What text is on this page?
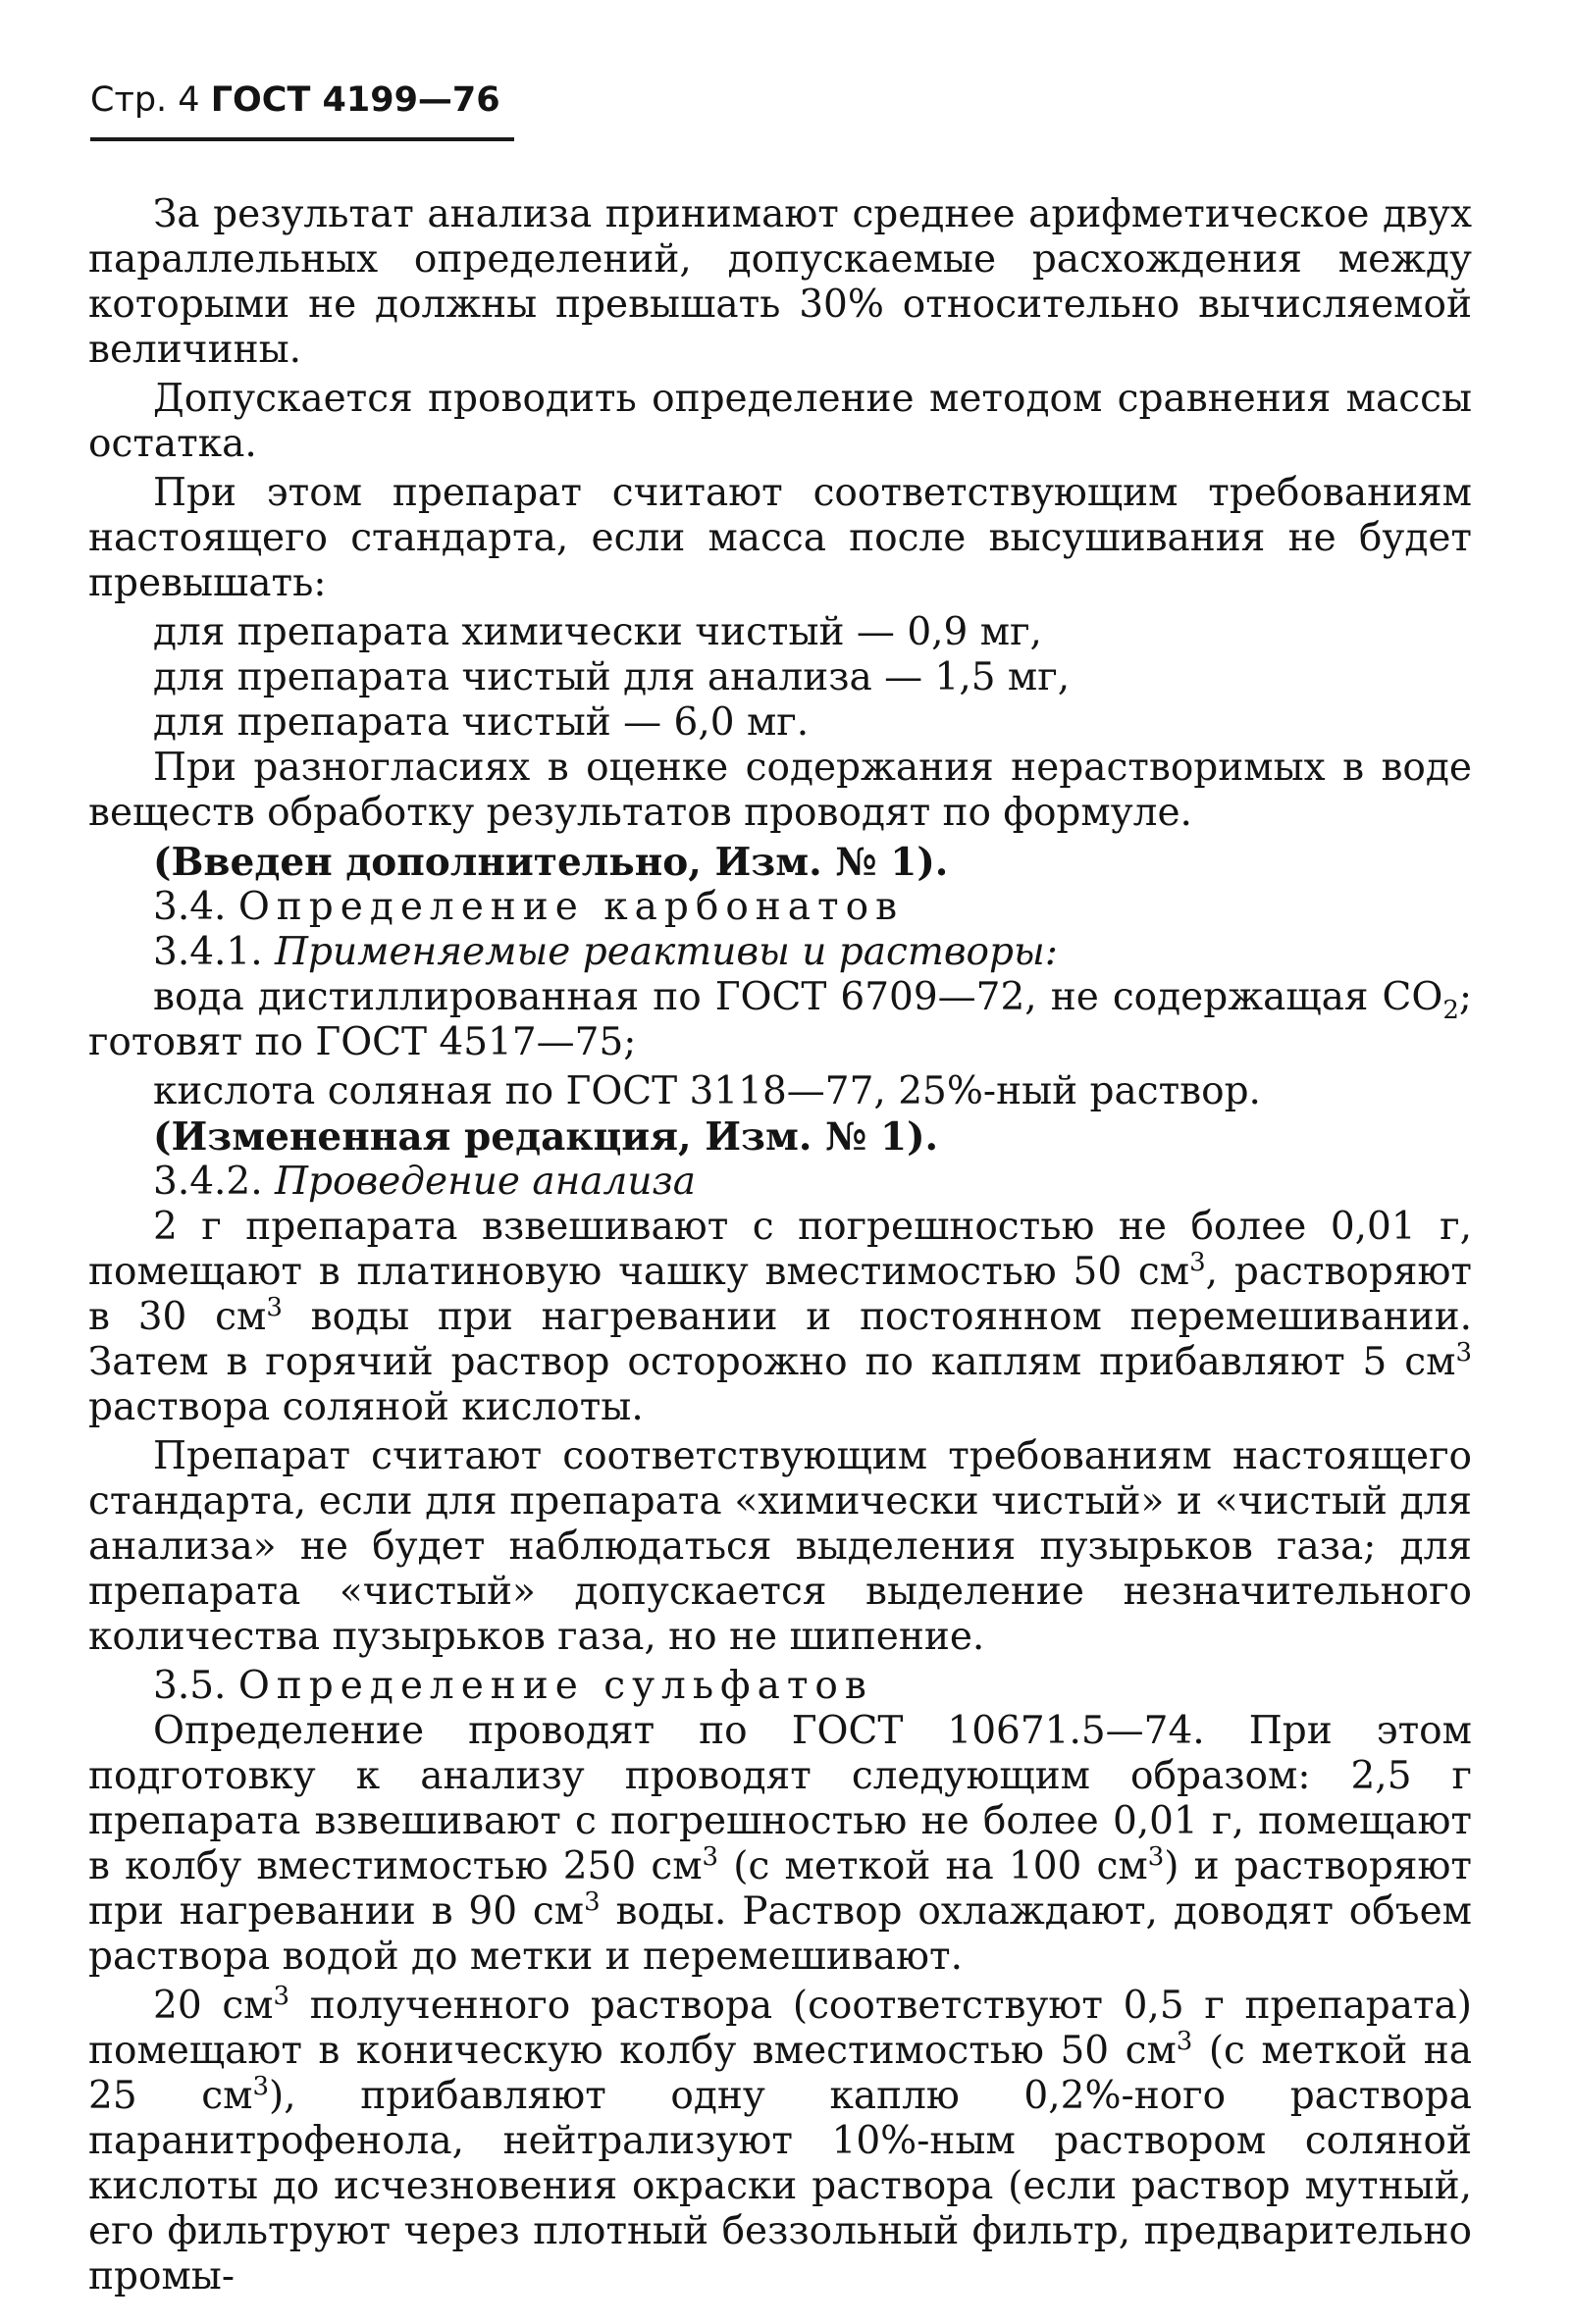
Стр. 4 ГОСТ 4199—76

За результат анализа принимают среднее арифметическое двух параллельных определений, допускаемые расхождения между которыми не должны превышать 30% относительно вычисляемой величины.

Допускается проводить определение методом сравнения массы остатка.

При этом препарат считают соответствующим требованиям настоящего стандарта, если масса после высушивания не будет превышать:

для препарата химически чистый — 0,9 мг,

для препарата чистый для анализа — 1,5 мг,

для препарата чистый — 6,0 мг.

При разногласиях в оценке содержания нерастворимых в воде веществ обработку результатов проводят по формуле.

(Введен дополнительно, Изм. № 1).

3.4. Определение карбонатов

3.4.1. Применяемые реактивы и растворы:

вода дистиллированная по ГОСТ 6709—72, не содержащая $CO_2$; готовят по ГОСТ 4517—75;

кислота соляная по ГОСТ 3118—77, 25%-ный раствор.

(Измененная редакция, Изм. № 1).

3.4.2. Проведение анализа

2 г препарата взвешивают с погрешностью не более 0,01 г, помещают в платиновую чашку вместимостью 50 $см^3$, растворяют в 30 $см^3$ воды при нагревании и постоянном перемешивании. Затем в горячий раствор осторожно по каплям прибавляют 5 $см^3$ раствора соляной кислоты.

Препарат считают соответствующим требованиям настоящего стандарта, если для препарата «химически чистый» и «чистый для анализа» не будет наблюдаться выделения пузырьков газа; для препарата «чистый» допускается выделение незначительного количества пузырьков газа, но не шипение.

3.5. Определение сульфатов

Определение проводят по ГОСТ 10671.5—74. При этом подготовку к анализу проводят следующим образом: 2,5 г препарата взвешивают с погрешностью не более 0,01 г, помещают в колбу вместимостью 250 $см^3$ (с меткой на 100 $см^3$) и растворяют при нагревании в 90 $см^3$ воды. Раствор охлаждают, доводят объем раствора водой до метки и перемешивают.

20 $см^3$ полученного раствора (соответствуют 0,5 г препарата) помещают в коническую колбу вместимостью 50 $см^3$ (с меткой на 25 $см^3$), прибавляют одну каплю 0,2%-ного раствора паранитрофенола, нейтрализуют 10%-ным раствором соляной кислоты до исчезновения окраски раствора (если раствор мутный, его фильтруют через плотный беззольный фильтр, предварительно промы-
